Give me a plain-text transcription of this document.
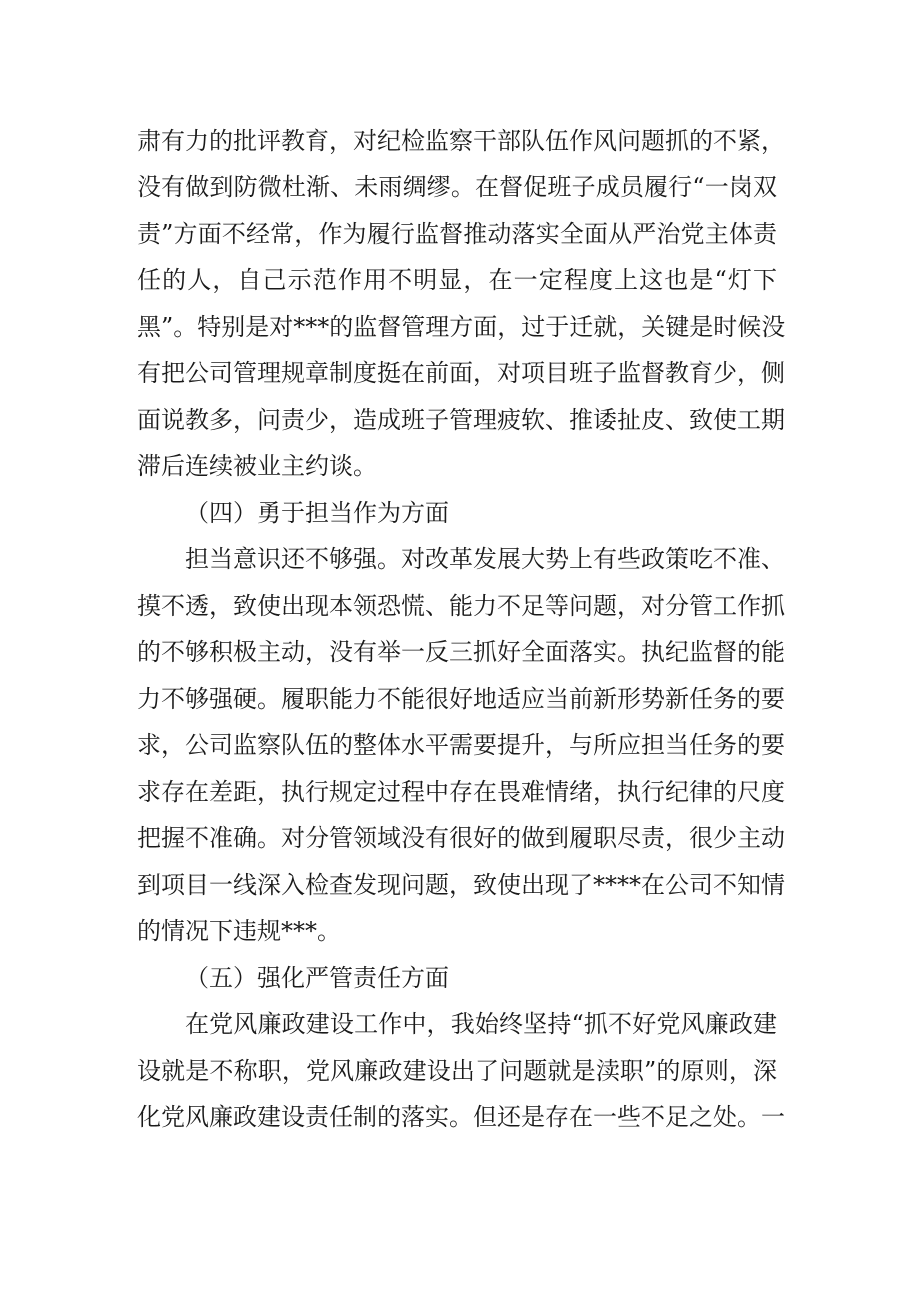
肃有力的批评教育，对纪检监察干部队伍作风问题抓的不紧，
没有做到防微杜渐、未雨绸缪。在督促班子成员履行“一岗双
责”方面不经常，作为履行监督推动落实全面从严治党主体责
任的人，自己示范作用不明显，在一定程度上这也是“灯下
黑”。特别是对***的监督管理方面，过于迁就，关键是时候没
有把公司管理规章制度挺在前面，对项目班子监督教育少，侧
面说教多，问责少，造成班子管理疲软、推诿扯皮、致使工期
滞后连续被业主约谈。
（四）勇于担当作为方面
担当意识还不够强。对改革发展大势上有些政策吃不准、
摸不透，致使出现本领恐慌、能力不足等问题，对分管工作抓
的不够积极主动，没有举一反三抓好全面落实。执纪监督的能
力不够强硬。履职能力不能很好地适应当前新形势新任务的要
求，公司监察队伍的整体水平需要提升，与所应担当任务的要
求存在差距，执行规定过程中存在畏难情绪，执行纪律的尺度
把握不准确。对分管领域没有很好的做到履职尽责，很少主动
到项目一线深入检查发现问题，致使出现了****在公司不知情
的情况下违规***。
（五）强化严管责任方面
在党风廉政建设工作中，我始终坚持“抓不好党风廉政建
设就是不称职，党风廉政建设出了问题就是渎职”的原则，深
化党风廉政建设责任制的落实。但还是存在一些不足之处。一
